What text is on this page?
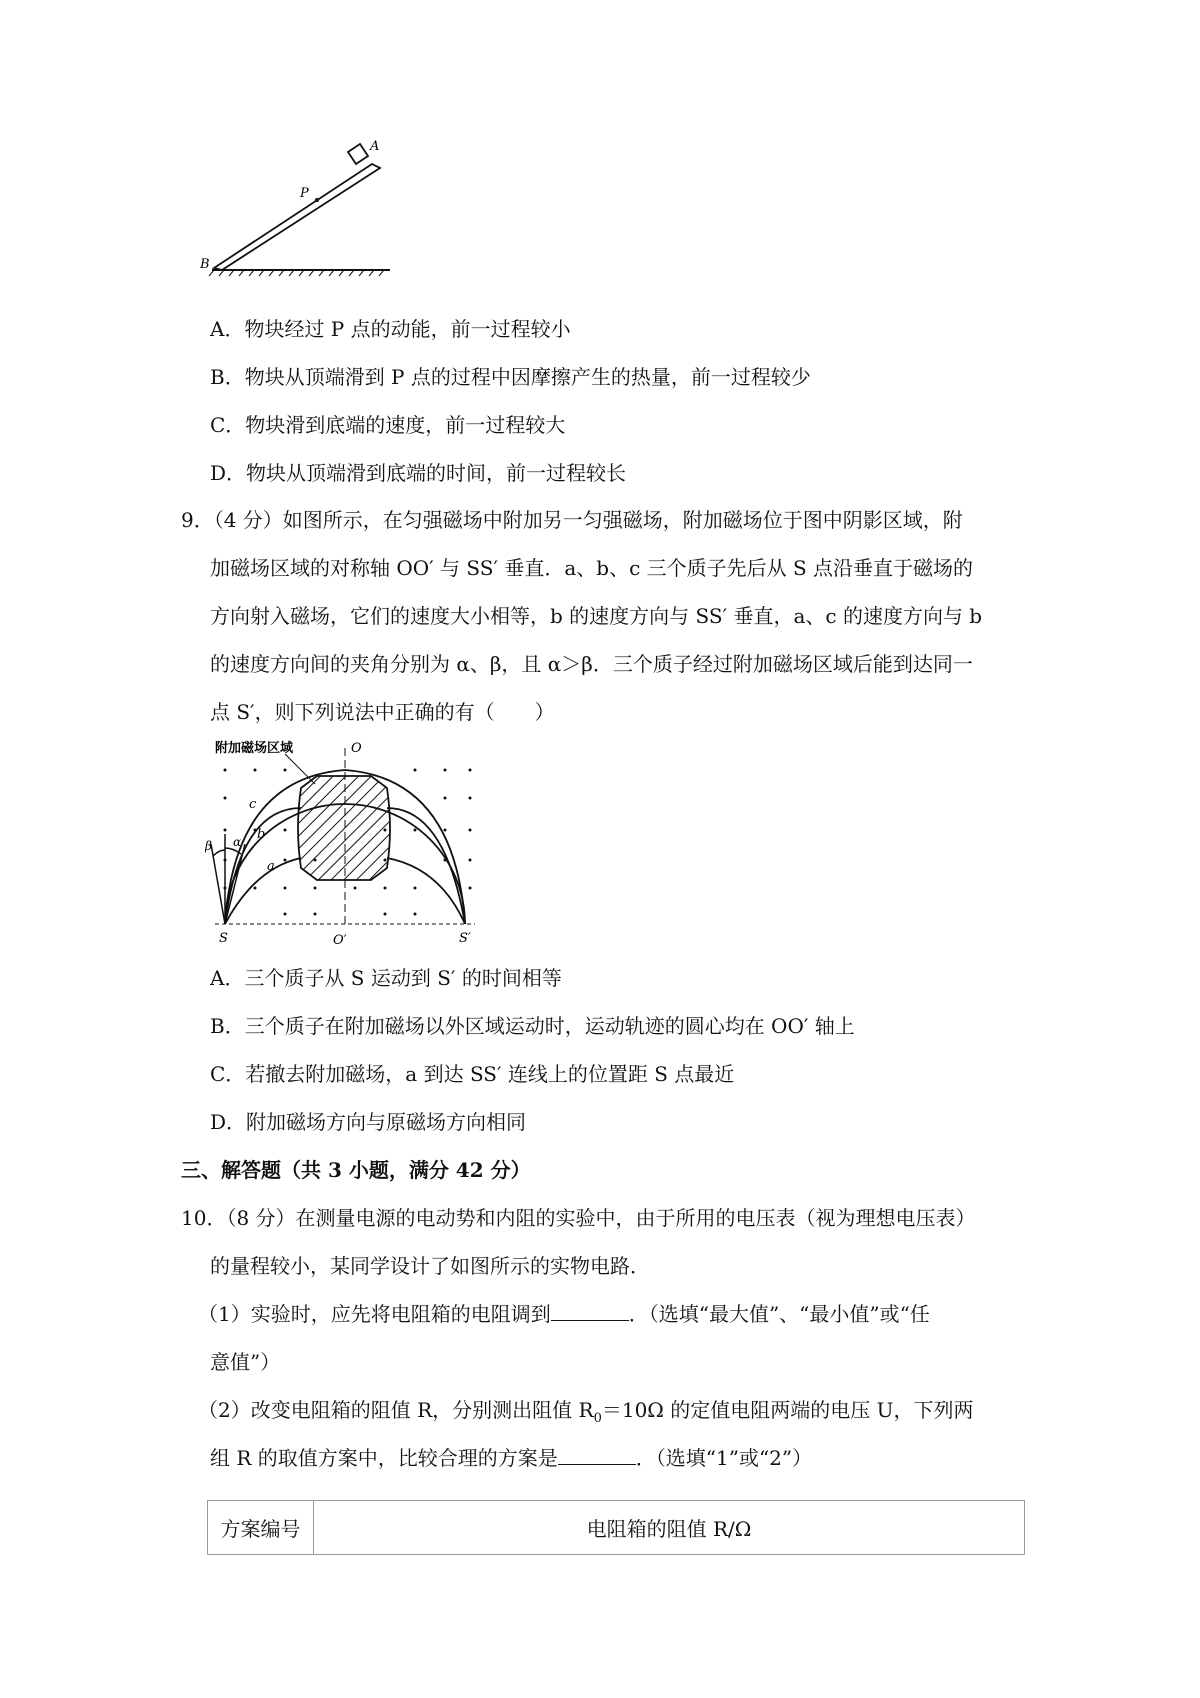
A
P
B
A．物块经过 P 点的动能，前一过程较小
B．物块从顶端滑到 P 点的过程中因摩擦产生的热量，前一过程较少
C．物块滑到底端的速度，前一过程较大
D．物块从顶端滑到底端的时间，前一过程较长
9．（4 分）如图所示，在匀强磁场中附加另一匀强磁场，附加磁场位于图中阴影区域，附
加磁场区域的对称轴 OO′ 与 SS′ 垂直．a、b、c 三个质子先后从 S 点沿垂直于磁场的
方向射入磁场，它们的速度大小相等，b 的速度方向与 SS′ 垂直，a、c 的速度方向与 b
的速度方向间的夹角分别为 α、β，且 α＞β．三个质子经过附加磁场区域后能到达同一
点 S′，则下列说法中正确的有（　　）
附加磁场区域	O
O′
S	S′
c
b
a
α
β
A．三个质子从 S 运动到 S′ 的时间相等
B．三个质子在附加磁场以外区域运动时，运动轨迹的圆心均在 OO′ 轴上
C．若撤去附加磁场，a 到达 SS′ 连线上的位置距 S 点最近
D．附加磁场方向与原磁场方向相同
三、解答题（共 3 小题，满分 42 分）
10．（8 分）在测量电源的电动势和内阻的实验中，由于所用的电压表（视为理想电压表）
的量程较小，某同学设计了如图所示的实物电路．
（1）实验时，应先将电阻箱的电阻调到	．（选填“最大值”、“最小值”或“任
意值”）
（2）改变电阻箱的阻值 R，分别测出阻值 $R_0=10\Omega$ 的定值电阻两端的电压 U，下列两
组 R 的取值方案中，比较合理的方案是	．（选填“1”或“2”）
方案编号	电阻箱的阻值 R/Ω
